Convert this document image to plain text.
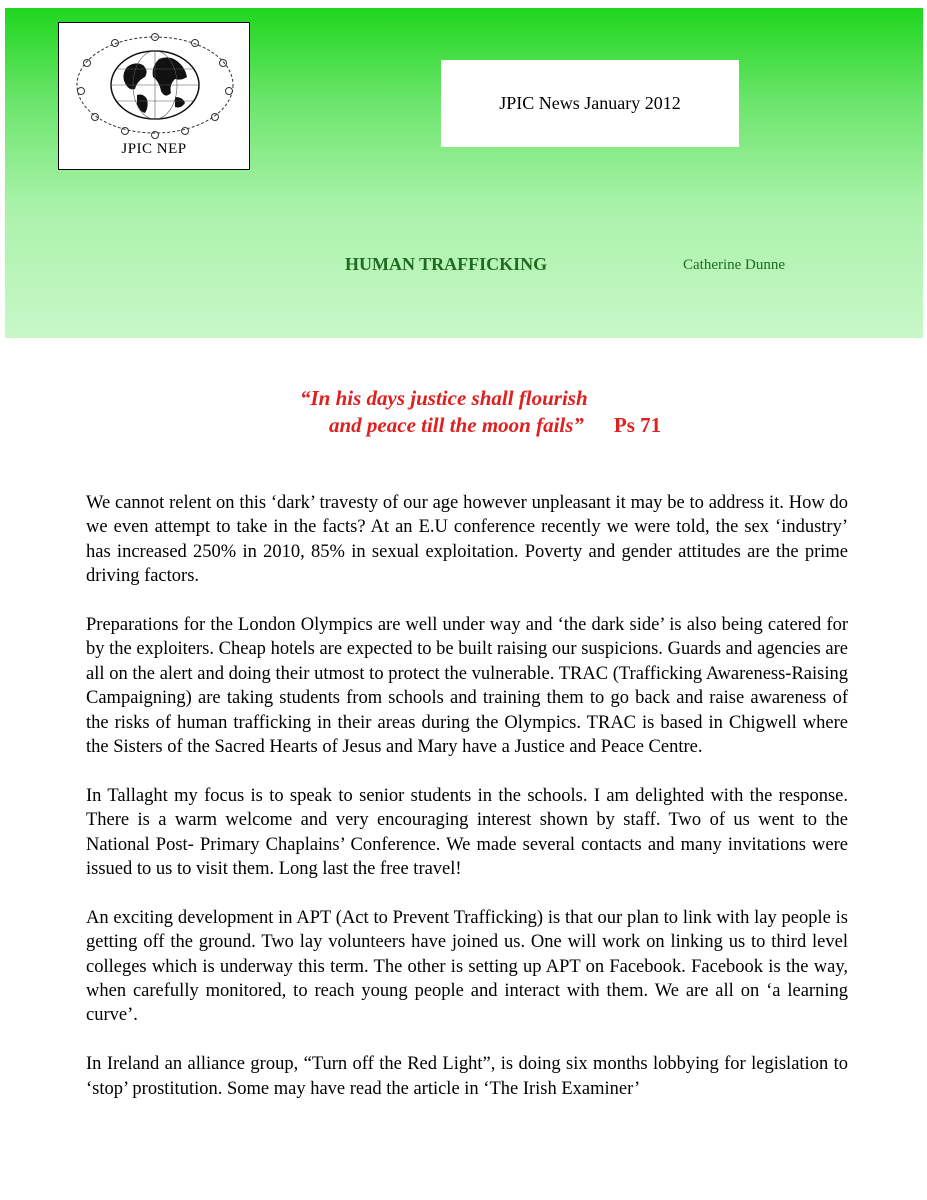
JPIC NEP
JPIC News January 2012
HUMAN TRAFFICKING	Catherine Dunne
“In his days justice shall flourish
and peace till the moon fails” Ps 71

We cannot relent on this ‘dark’ travesty of our age however unpleasant it may be to address it. How do we even attempt to take in the facts? At an E.U conference recently we were told, the sex ‘industry’ has increased 250% in 2010, 85% in sexual exploitation. Poverty and gender attitudes are the prime driving factors.

Preparations for the London Olympics are well under way and ‘the dark side’ is also being catered for by the exploiters. Cheap hotels are expected to be built raising our suspicions. Guards and agencies are all on the alert and doing their utmost to protect the vulnerable. TRAC (Trafficking Awareness-Raising Campaigning) are taking students from schools and training them to go back and raise awareness of the risks of human trafficking in their areas during the Olympics. TRAC is based in Chigwell where the Sisters of the Sacred Hearts of Jesus and Mary have a Justice and Peace Centre.

In Tallaght my focus is to speak to senior students in the schools. I am delighted with the response. There is a warm welcome and very encouraging interest shown by staff. Two of us went to the National Post- Primary Chaplains’ Conference. We made several contacts and many invitations were issued to us to visit them. Long last the free travel!

An exciting development in APT (Act to Prevent Trafficking) is that our plan to link with lay people is getting off the ground. Two lay volunteers have joined us. One will work on linking us to third level colleges which is underway this term. The other is setting up APT on Facebook. Facebook is the way, when carefully monitored, to reach young people and interact with them. We are all on ‘a learning curve’.

In Ireland an alliance group, “Turn off the Red Light”, is doing six months lobbying for legislation to ‘stop’ prostitution. Some may have read the article in ‘The Irish Examiner’
